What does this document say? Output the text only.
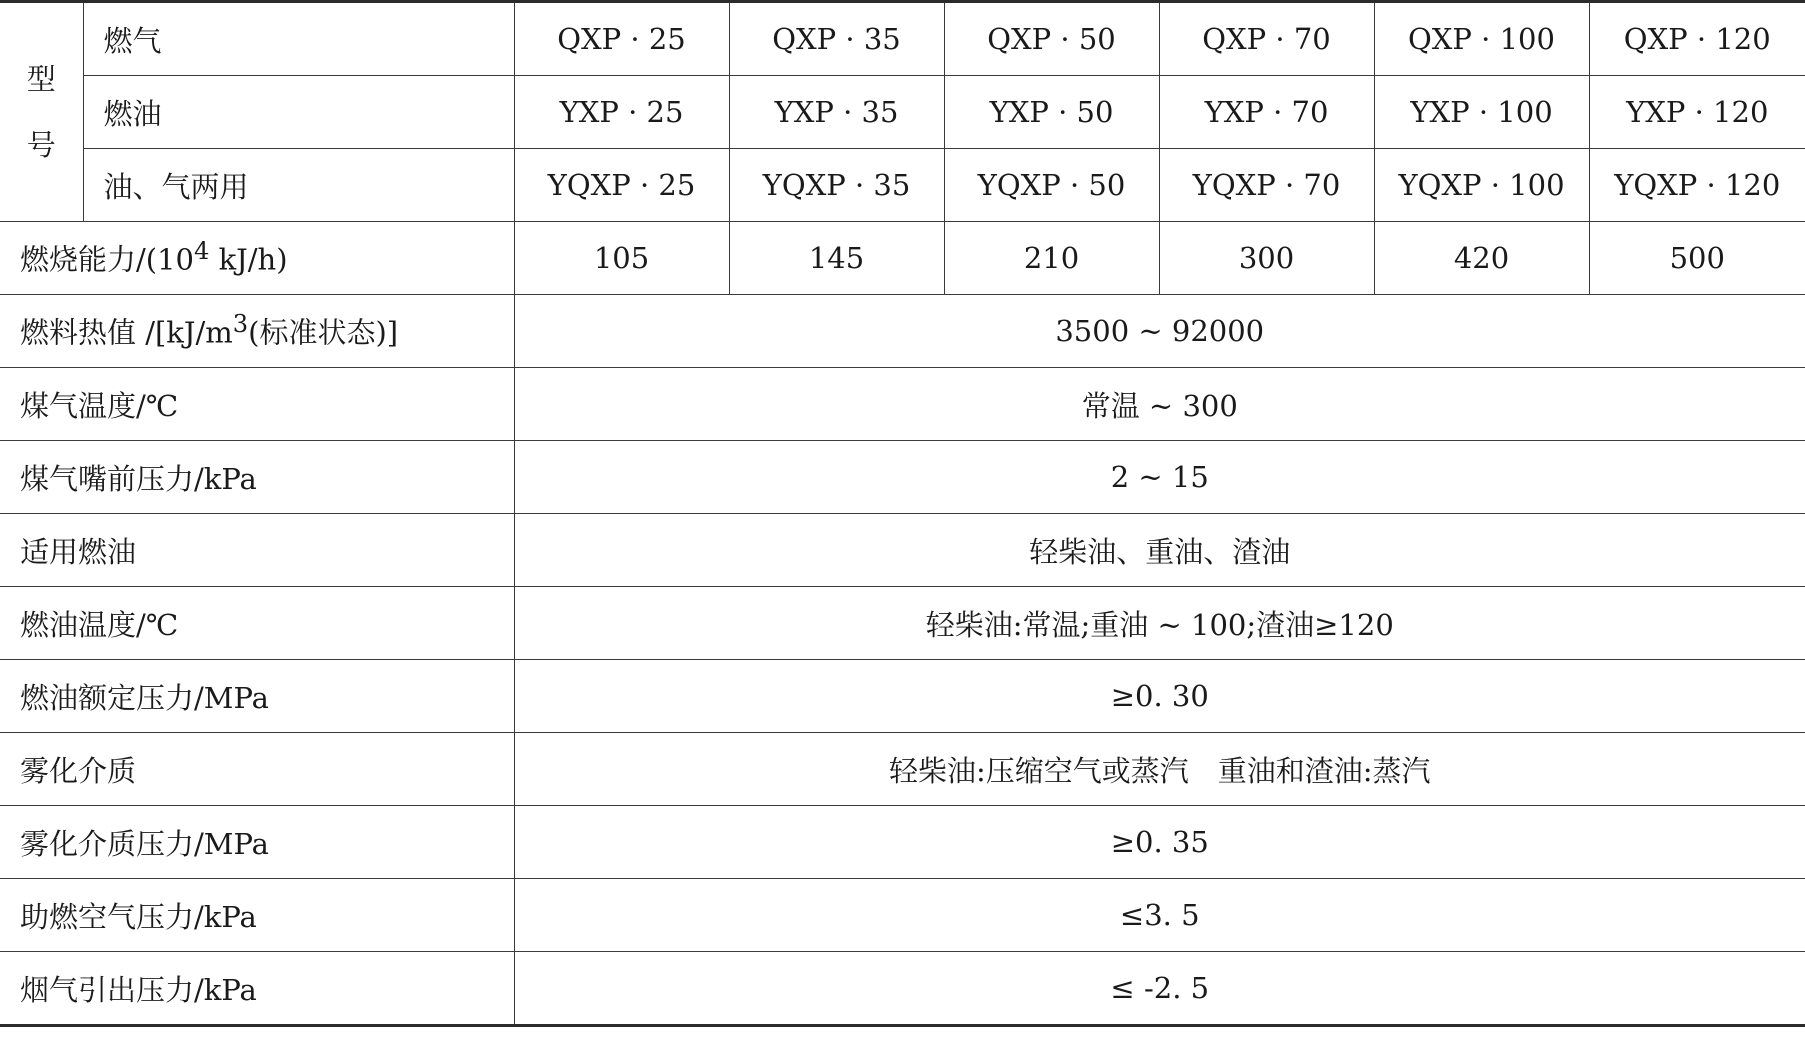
型
号	燃气	QXP · 25	QXP · 35	QXP · 50	QXP · 70	QXP · 100	QXP · 120
	燃油	YXP · 25	YXP · 35	YXP · 50	YXP · 70	YXP · 100	YXP · 120
	油、气两用	YQXP · 25	YQXP · 35	YQXP · 50	YQXP · 70	YQXP · 100	YQXP · 120
燃烧能力$/(10^4$ kJ/h)		105	145	210	300	420	500
燃料热值 $/[kJ/m^3$(标准状态)]		3500 ~ 92000					
煤气温度/℃		常温 ~ 300					
煤气嘴前压力/kPa		2 ~ 15					
适用燃油		轻柴油、重油、渣油					
燃油温度/℃		轻柴油:常温;重油 ~ 100;渣油≥120					
燃油额定压力/MPa		≥0. 30					
雾化介质		轻柴油:压缩空气或蒸汽　重油和渣油:蒸汽					
雾化介质压力/MPa		≥0. 35					
助燃空气压力/kPa		≤3. 5					
烟气引出压力/kPa		≤ -2. 5					
